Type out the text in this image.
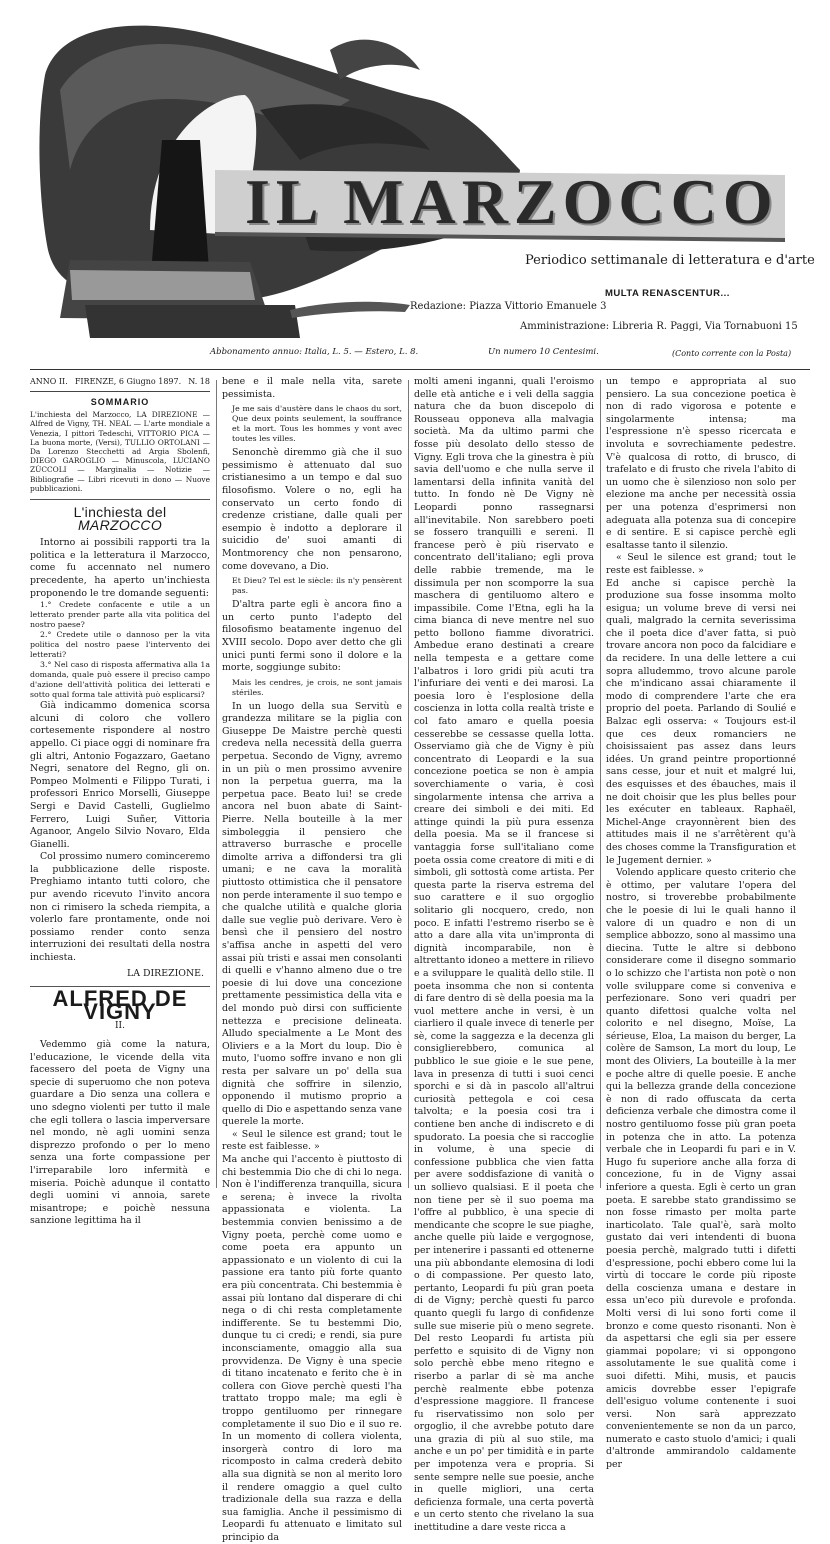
IL MARZOCCO
Periodico settimanale di letteratura e d'arte
MULTA RENASCENTUR...
Redazione: Piazza Vittorio Emanuele 3
Amministrazione: Libreria R. Paggi, Via Tornabuoni 15
Abbonamento annuo: Italia, L. 5. — Estero, L. 8.	Un numero 10 Centesimi.	(Conto corrente con la Posta)
ANNO II. FIRENZE, 6 Giugno 1897. N. 18
SOMMARIO
L'inchiesta del Marzocco, LA DIREZIONE — Alfred de Vigny, TH. NEAL — L'arte mondiale a Venezia, I pittori Tedeschi, VITTORIO PICA — La buona morte, (Versi), TULLIO ORTOLANI — Da Lorenzo Stecchetti ad Argia Sbolenfi, DIEGO GAROGLIO — Minuscola, LUCIANO ZÙCCOLI — Marginalia — Notizie — Bibliografie — Libri ricevuti in dono — Nuove pubblicazioni.
L'inchiesta del MARZOCCO

Intorno ai possibili rapporti tra la politica e la letteratura il Marzocco, come fu accennato nel numero precedente, ha aperto un'inchiesta proponendo le tre domande seguenti:

1.° Credete confacente e utile a un letterato prender parte alla vita politica del nostro paese?

2.° Credete utile o dannoso per la vita politica del nostro paese l'intervento dei letterati?

3.° Nel caso di risposta affermativa alla 1a domanda, quale può essere il preciso campo d'azione dell'attività politica dei letterati e sotto qual forma tale attività può esplicarsi?

Già indicammo domenica scorsa alcuni di coloro che vollero cortesemente rispondere al nostro appello. Ci piace oggi di nominare fra gli altri, Antonio Fogazzaro, Gaetano Negri, senatore del Regno, gli on. Pompeo Molmenti e Filippo Turati, i professori Enrico Morselli, Giuseppe Sergi e David Castelli, Guglielmo Ferrero, Luigi Suñer, Vittoria Aganoor, Angelo Silvio Novaro, Elda Gianelli.

Col prossimo numero cominceremo la pubblicazione delle risposte. Preghiamo intanto tutti coloro, che pur avendo ricevuto l'invito ancora non ci rimisero la scheda riempita, a volerlo fare prontamente, onde noi possiamo render conto senza interruzioni dei resultati della nostra inchiesta.

LA DIREZIONE.
ALFRED DE VIGNY
II.

Vedemmo già come la natura, l'educazione, le vicende della vita facessero del poeta de Vigny una specie di superuomo che non poteva guardare a Dio senza una collera e uno sdegno violenti per tutto il male che egli tollera o lascia imperversare nel mondo, nè agli uomini senza disprezzo profondo o per lo meno senza una forte compassione per l'irreparabile loro infermità e miseria. Poichè adunque il contatto degli uomini vi annoia, sarete misantrope; e poichè nessuna sanzione legittima ha il

bene e il male nella vita, sarete pessimista.

Je me sais d'austère dans le chaos du sort, Que deux points seulement, la souffrance et la mort. Tous les hommes y vont avec toutes les villes.

Senonchè diremmo già che il suo pessimismo è attenuato dal suo cristianesimo a un tempo e dal suo filosofismo. Volere o no, egli ha conservato un certo fondo di credenze cristiane, dalle quali per esempio è indotto a deplorare il suicidio de' suoi amanti di Montmorency che non pensarono, come dovevano, a Dio.

Et Dieu? Tel est le siècle: ils n'y pensèrent pas.

D'altra parte egli è ancora fino a un certo punto l'adepto del filosofismo beatamente ingenuo del XVIII secolo. Dopo aver detto che gli unici punti fermi sono il dolore e la morte, soggiunge subito:

Mais les cendres, je crois, ne sont jamais stériles.

In un luogo della sua Servitù e grandezza militare se la piglia con Giuseppe De Maistre perchè questi credeva nella necessità della guerra perpetua. Secondo de Vigny, avremo in un più o men prossimo avvenire non la perpetua guerra, ma la perpetua pace. Beato lui! se crede ancora nel buon abate di Saint-Pierre. Nella bouteille à la mer simboleggia il pensiero che attraverso burrasche e procelle dimolte arriva a diffondersi tra gli umani; e ne cava la moralità piuttosto ottimistica che il pensatore non perde interamente il suo tempo e che qualche utilità e qualche gloria dalle sue veglie può derivare. Vero è bensì che il pensiero del nostro s'affisa anche in aspetti del vero assai più tristi e assai men consolanti di quelli e v'hanno almeno due o tre poesie di lui dove una concezione prettamente pessimistica della vita e del mondo può dirsi con sufficiente nettezza e precisione delineata. Alludo specialmente a Le Mont des Oliviers e a la Mort du loup. Dio è muto, l'uomo soffre invano e non gli resta per salvare un po' della sua dignità che soffrire in silenzio, opponendo il mutismo proprio a quello di Dio e aspettando senza vane querele la morte.

« Seul le silence est grand; tout le reste est faiblesse. »

Ma anche qui l'accento è piuttosto di chi bestemmia Dio che di chi lo nega. Non è l'indifferenza tranquilla, sicura e serena; è invece la rivolta appassionata e violenta. La bestemmia convien benissimo a de Vigny poeta, perchè come uomo e come poeta era appunto un appassionato e un violento di cui la passione era tanto più forte quanto era più concentrata. Chi bestemmia è assai più lontano dal disperare di chi nega o di chi resta completamente indifferente. Se tu bestemmi Dio, dunque tu ci credi; e rendi, sia pure inconsciamente, omaggio alla sua provvidenza. De Vigny è una specie di titano incatenato e ferito che è in collera con Giove perchè questi l'ha trattato troppo male; ma egli è troppo gentiluomo per rinnegare completamente il suo Dio e il suo re. In un momento di collera violenta, insorgerà contro di loro ma ricomposto in calma crederà debito alla sua dignità se non al merito loro il rendere omaggio a quel culto tradizionale della sua razza e della sua famiglia. Anche il pessimismo di Leopardi fu attenuato e limitato sul principio da

molti ameni inganni, quali l'eroismo delle età antiche e i veli della saggia natura che da buon discepolo di Rousseau opponeva alla malvagia società. Ma da ultimo parmi che fosse più desolato dello stesso de Vigny. Egli trova che la ginestra è più savia dell'uomo e che nulla serve il lamentarsi della infinita vanità del tutto. In fondo nè De Vigny nè Leopardi ponno rassegnarsi all'inevitabile. Non sarebbero poeti se fossero tranquilli e sereni. Il francese però è più riservato e concentrato dell'italiano; egli prova delle rabbie tremende, ma le dissimula per non scomporre la sua maschera di gentiluomo altero e impassibile. Come l'Etna, egli ha la cima bianca di neve mentre nel suo petto bollono fiamme divoratrici. Ambedue erano destinati a creare nella tempesta e a gettare come l'albatros i loro gridi più acuti tra l'infuriare dei venti e dei marosi. La poesia loro è l'esplosione della coscienza in lotta colla realtà triste e col fato amaro e quella poesia cesserebbe se cessasse quella lotta. Osserviamo già che de Vigny è più concentrato di Leopardi e la sua concezione poetica se non è ampia soverchiamente o varia, è così singolarmente intensa che arriva a creare dei simboli e dei miti. Ed attinge quindi la più pura essenza della poesia. Ma se il francese si vantaggia forse sull'italiano come poeta ossia come creatore di miti e di simboli, gli sottostà come artista. Per questa parte la riserva estrema del suo carattere e il suo orgoglio solitario gli nocquero, credo, non poco. E infatti l'estremo riserbo se è atto a dare alla vita un'impronta di dignità incomparabile, non è altrettanto idoneo a mettere in rilievo e a sviluppare le qualità dello stile. Il poeta insomma che non si contenta di fare dentro di sè della poesia ma la vuol mettere anche in versi, è un ciarliero il quale invece di tenerle per sè, come la saggezza e la decenza gli consiglierebbero, comunica al pubblico le sue gioie e le sue pene, lava in presenza di tutti i suoi cenci sporchi e si dà in pascolo all'altrui curiosità pettegola e coi cesa talvolta; e la poesia cosi tra i contiene ben anche di indiscreto e di spudorato. La poesia che si raccoglie in volume, è una specie di confessione pubblica che vien fatta per avere soddisfazione di vanità o un sollievo qualsiasi. E il poeta che non tiene per sè il suo poema ma l'offre al pubblico, è una specie di mendicante che scopre le sue piaghe, anche quelle più laide e vergognose, per intenerire i passanti ed ottenerne una più abbondante elemosina di lodi o di compassione. Per questo lato, pertanto, Leopardi fu più gran poeta di de Vigny; perchè questi fu parco quanto quegli fu largo di confidenze sulle sue miserie più o meno segrete. Del resto Leopardi fu artista più perfetto e squisito di de Vigny non solo perchè ebbe meno ritegno e riserbo a parlar di sè ma anche perchè realmente ebbe potenza d'espressione maggiore. Il francese fu riservatissimo non solo per orgoglio, il che avrebbe potuto dare una grazia di più al suo stile, ma anche e un po' per timidità e in parte per impotenza vera e propria. Si sente sempre nelle sue poesie, anche in quelle migliori, una certa deficienza formale, una certa povertà e un certo stento che rivelano la sua inettitudine a dare veste ricca a

un tempo e appropriata al suo pensiero. La sua concezione poetica è non di rado vigorosa e potente e singolarmente intensa; ma l'espressione n'è spesso ricercata e involuta e sovrechiamente pedestre. V'è qualcosa di rotto, di brusco, di trafelato e di frusto che rivela l'abito di un uomo che è silenzioso non solo per elezione ma anche per necessità ossia per una potenza d'esprimersi non adeguata alla potenza sua di concepire e di sentire. E si capisce perchè egli esaltasse tanto il silenzio.

« Seul le silence est grand; tout le reste est faiblesse. »

Ed anche si capisce perchè la produzione sua fosse insomma molto esigua; un volume breve di versi nei quali, malgrado la cernita severissima che il poeta dice d'aver fatta, si può trovare ancora non poco da falcidiare e da recidere. In una delle lettere a cui sopra alludemmo, trovo alcune parole che m'indicano assai chiaramente il modo di comprendere l'arte che era proprio del poeta. Parlando di Soulié e Balzac egli osserva: « Toujours est-il que ces deux romanciers ne choisissaient pas assez dans leurs idées. Un grand peintre proportionné sans cesse, jour et nuit et malgré lui, des esquisses et des ébauches, mais il ne doit choisir que les plus belles pour les exécuter en tableaux. Raphaël, Michel-Ange crayonnèrent bien des attitudes mais il ne s'arrêtèrent qu'à des choses comme la Transfiguration et le Jugement dernier. »

Volendo applicare questo criterio che è ottimo, per valutare l'opera del nostro, si troverebbe probabilmente che le poesie di lui le quali hanno il valore di un quadro e non di un semplice abbozzo, sono al massimo una diecina. Tutte le altre si debbono considerare come il disegno sommario o lo schizzo che l'artista non potè o non volle sviluppare come si conveniva e perfezionare. Sono veri quadri per quanto difettosi qualche volta nel colorito e nel disegno, Moïse, La sérieuse, Eloa, La maison du berger, La colère de Samson, La mort du loup, Le mont des Oliviers, La bouteille à la mer e poche altre di quelle poesie. E anche qui la bellezza grande della concezione è non di rado offuscata da certa deficienza verbale che dimostra come il nostro gentiluomo fosse più gran poeta in potenza che in atto. La potenza verbale che in Leopardi fu pari e in V. Hugo fu superiore anche alla forza di concezione, fu in de Vigny assai inferiore a questa. Egli è certo un gran poeta. E sarebbe stato grandissimo se non fosse rimasto per molta parte inarticolato. Tale qual'è, sarà molto gustato dai veri intendenti di buona poesia perchè, malgrado tutti i difetti d'espressione, pochi ebbero come lui la virtù di toccare le corde più riposte della coscienza umana e destare in essa un'eco più durevole e profonda. Molti versi di lui sono forti come il bronzo e come questo risonanti. Non è da aspettarsi che egli sia per essere giammai popolare; vi si oppongono assolutamente le sue qualità come i suoi difetti. Mihi, musis, et paucis amicis dovrebbe esser l'epigrafe dell'esiguo volume contenente i suoi versi. Non sarà apprezzato convenientemente se non da un parco, numerato e casto stuolo d'amici; i quali d'altronde ammirandolo caldamente per
